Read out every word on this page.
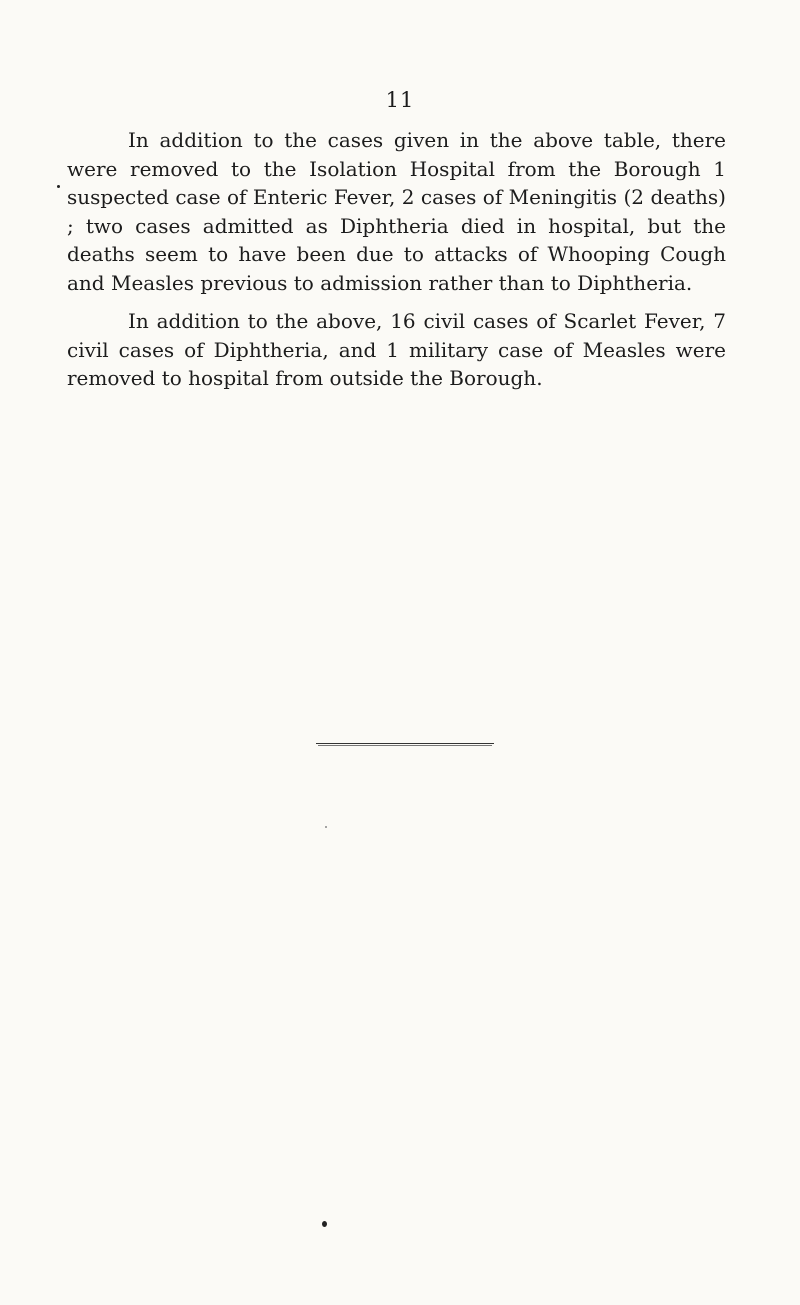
11

In addition to the cases given in the above table, there were removed to the Isolation Hospital from the Borough 1 suspected case of Enteric Fever, 2 cases of Meningitis (2 deaths) ; two cases admitted as Diphtheria died in hospital, but the deaths seem to have been due to attacks of Whooping Cough and Measles previous to admission rather than to Diphtheria.

In addition to the above, 16 civil cases of Scarlet Fever, 7 civil cases of Diphtheria, and 1 military case of Measles were removed to hospital from outside the Borough.
